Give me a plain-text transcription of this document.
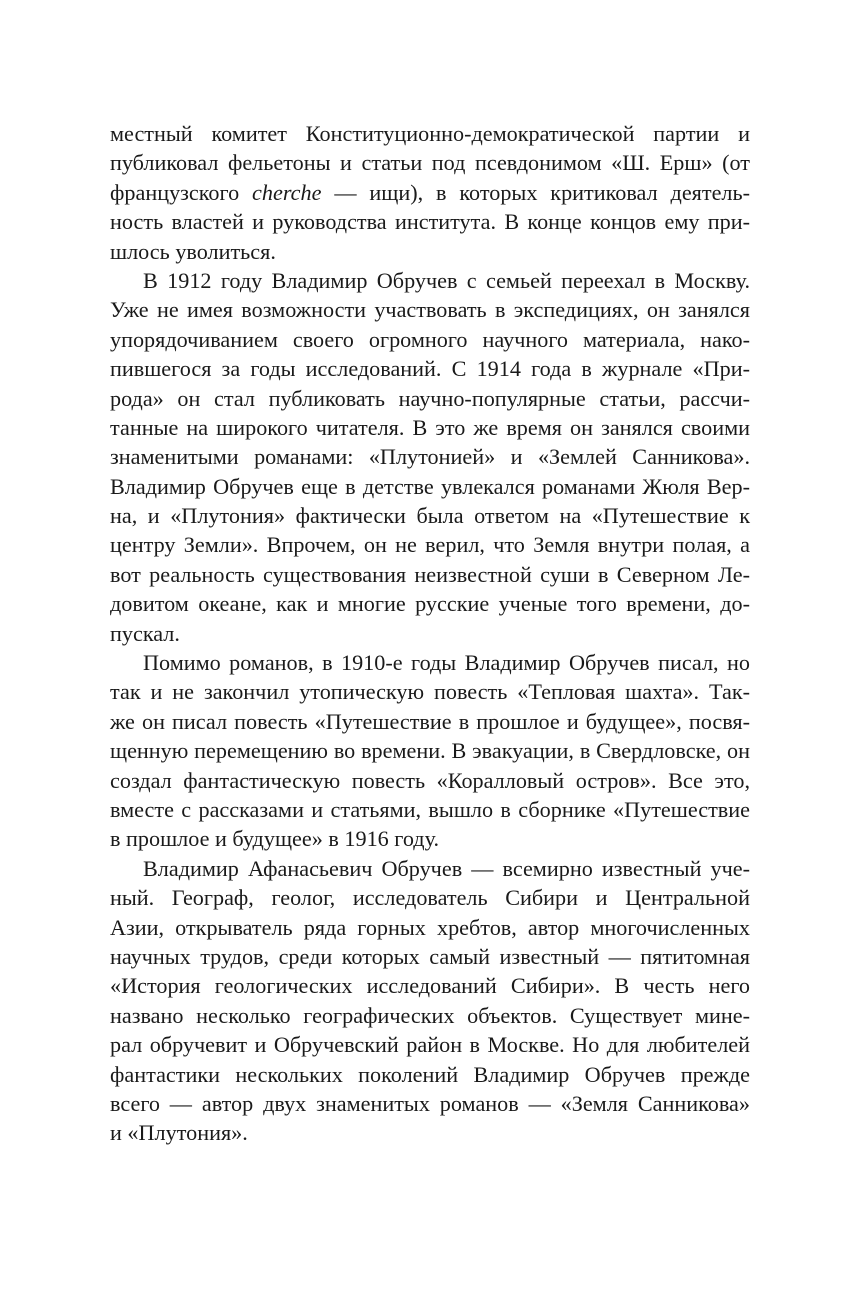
местный комитет Конституционно-демократической партии и
публиковал фельетоны и статьи под псевдонимом «Ш. Ерш» (от
французского cherche — ищи), в которых критиковал деятель-
ность властей и руководства института. В конце концов ему при-
шлось уволиться.
В 1912 году Владимир Обручев с семьей переехал в Москву.
Уже не имея возможности участвовать в экспедициях, он занялся
упорядочиванием своего огромного научного материала, нако-
пившегося за годы исследований. С 1914 года в журнале «При-
рода» он стал публиковать научно-популярные статьи, рассчи-
танные на широкого читателя. В это же время он занялся своими
знаменитыми романами: «Плутонией» и «Землей Санникова».
Владимир Обручев еще в детстве увлекался романами Жюля Вер-
на, и «Плутония» фактически была ответом на «Путешествие к
центру Земли». Впрочем, он не верил, что Земля внутри полая, а
вот реальность существования неизвестной суши в Северном Ле-
довитом океане, как и многие русские ученые того времени, до-
пускал.
Помимо романов, в 1910-е годы Владимир Обручев писал, но
так и не закончил утопическую повесть «Тепловая шахта». Так-
же он писал повесть «Путешествие в прошлое и будущее», посвя-
щенную перемещению во времени. В эвакуации, в Свердловске, он
создал фантастическую повесть «Коралловый остров». Все это,
вместе с рассказами и статьями, вышло в сборнике «Путешествие
в прошлое и будущее» в 1916 году.
Владимир Афанасьевич Обручев — всемирно известный уче-
ный. Географ, геолог, исследователь Сибири и Центральной
Азии, открыватель ряда горных хребтов, автор многочисленных
научных трудов, среди которых самый известный — пятитомная
«История геологических исследований Сибири». В честь него
названо несколько географических объектов. Существует мине-
рал обручевит и Обручевский район в Москве. Но для любителей
фантастики нескольких поколений Владимир Обручев прежде
всего — автор двух знаменитых романов — «Земля Санникова»
и «Плутония».
